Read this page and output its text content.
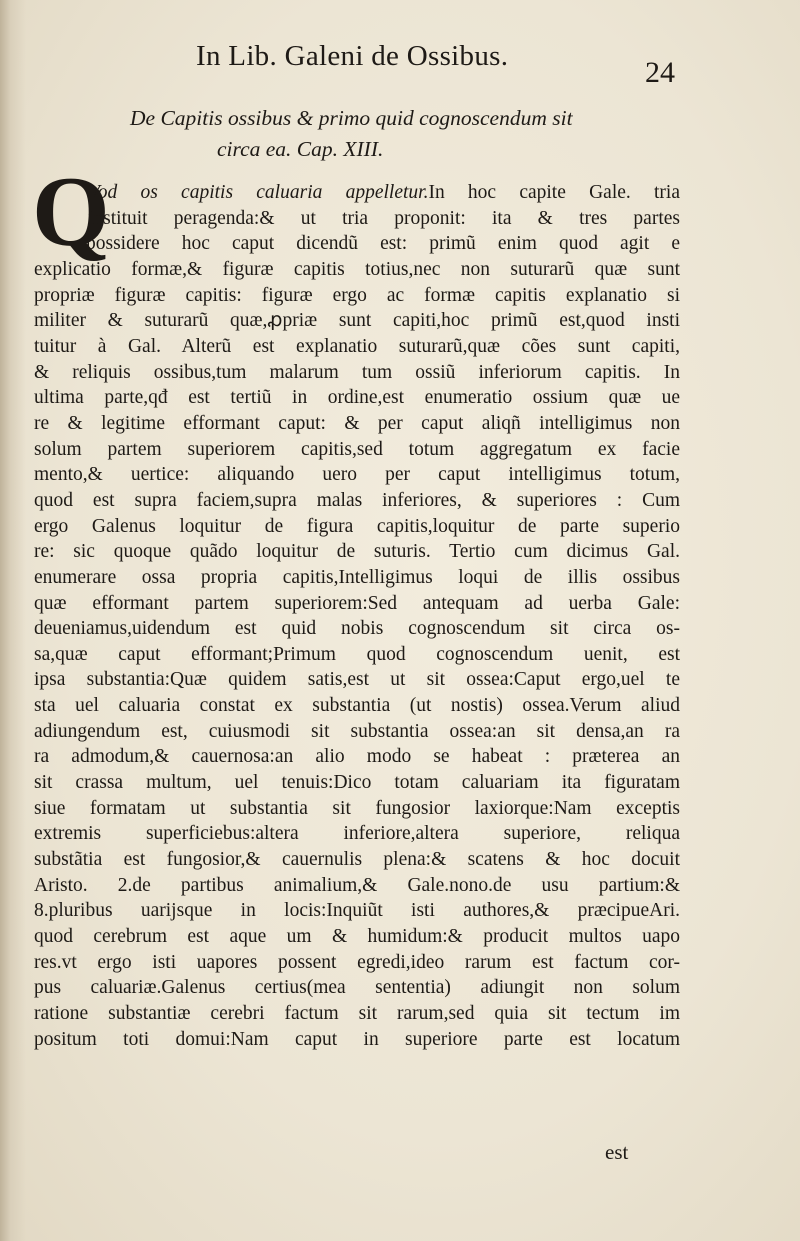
In Lib. Galeni de Ossibus.	24
De Capitis ossibus & primo quid cognoscendum sit
circa ea. Cap. XIII.
Q
Vod os capitis caluaria appelletur.In hoc capite Gale. tria
instituit peragenda:& ut tria proponit: ita & tres partes
possidere hoc caput dicendũ est: primũ enim quod agit e
explicatio formæ,& figuræ capitis totius,nec non suturarũ quæ sunt
propriæ figuræ capitis: figuræ ergo ac formæ capitis explanatio si
militer & suturarũ quæ,ꝓpriæ sunt capiti,hoc primũ est,quod insti
tuitur à Gal. Alterũ est explanatio suturarũ,quæ cões sunt capiti,
& reliquis ossibus,tum malarum tum ossiũ inferiorum capitis. In
ultima parte,qđ est tertiũ in ordine,est enumeratio ossium quæ ue
re & legitime efformant caput: & per caput aliqñ intelligimus non
solum partem superiorem capitis,sed totum aggregatum ex facie
mento,& uertice: aliquando uero per caput intelligimus totum,
quod est supra faciem,supra malas inferiores, & superiores : Cum
ergo Galenus loquitur de figura capitis,loquitur de parte superio
re: sic quoque quãdo loquitur de suturis. Tertio cum dicimus Gal.
enumerare ossa propria capitis,Intelligimus loqui de illis ossibus
quæ efformant partem superiorem:Sed antequam ad uerba Gale:
deueniamus,uidendum est quid nobis cognoscendum sit circa os-
sa,quæ caput efformant;Primum quod cognoscendum uenit, est
ipsa substantia:Quæ quidem satis,est ut sit ossea:Caput ergo,uel te
sta uel caluaria constat ex substantia (ut nostis) ossea.Verum aliud
adiungendum est, cuiusmodi sit substantia ossea:an sit densa,an ra
ra admodum,& cauernosa:an alio modo se habeat : præterea an
sit crassa multum, uel tenuis:Dico totam caluariam ita figuratam
siue formatam ut substantia sit fungosior laxiorque:Nam exceptis
extremis superficiebus:altera inferiore,altera superiore, reliqua
substãtia est fungosior,& cauernulis plena:& scatens & hoc docuit
Aristo. 2.de partibus animalium,& Gale.nono.de usu partium:&
8.pluribus uarijsque in locis:Inquiũt isti authores,& præcipueAri.
quod cerebrum est aque um & humidum:& producit multos uapo
res.vt ergo isti uapores possent egredi,ideo rarum est factum cor-
pus caluariæ.Galenus certius(mea sententia) adiungit non solum
ratione substantiæ cerebri factum sit rarum,sed quia sit tectum im
positum toti domui:Nam caput in superiore parte est locatum
est
